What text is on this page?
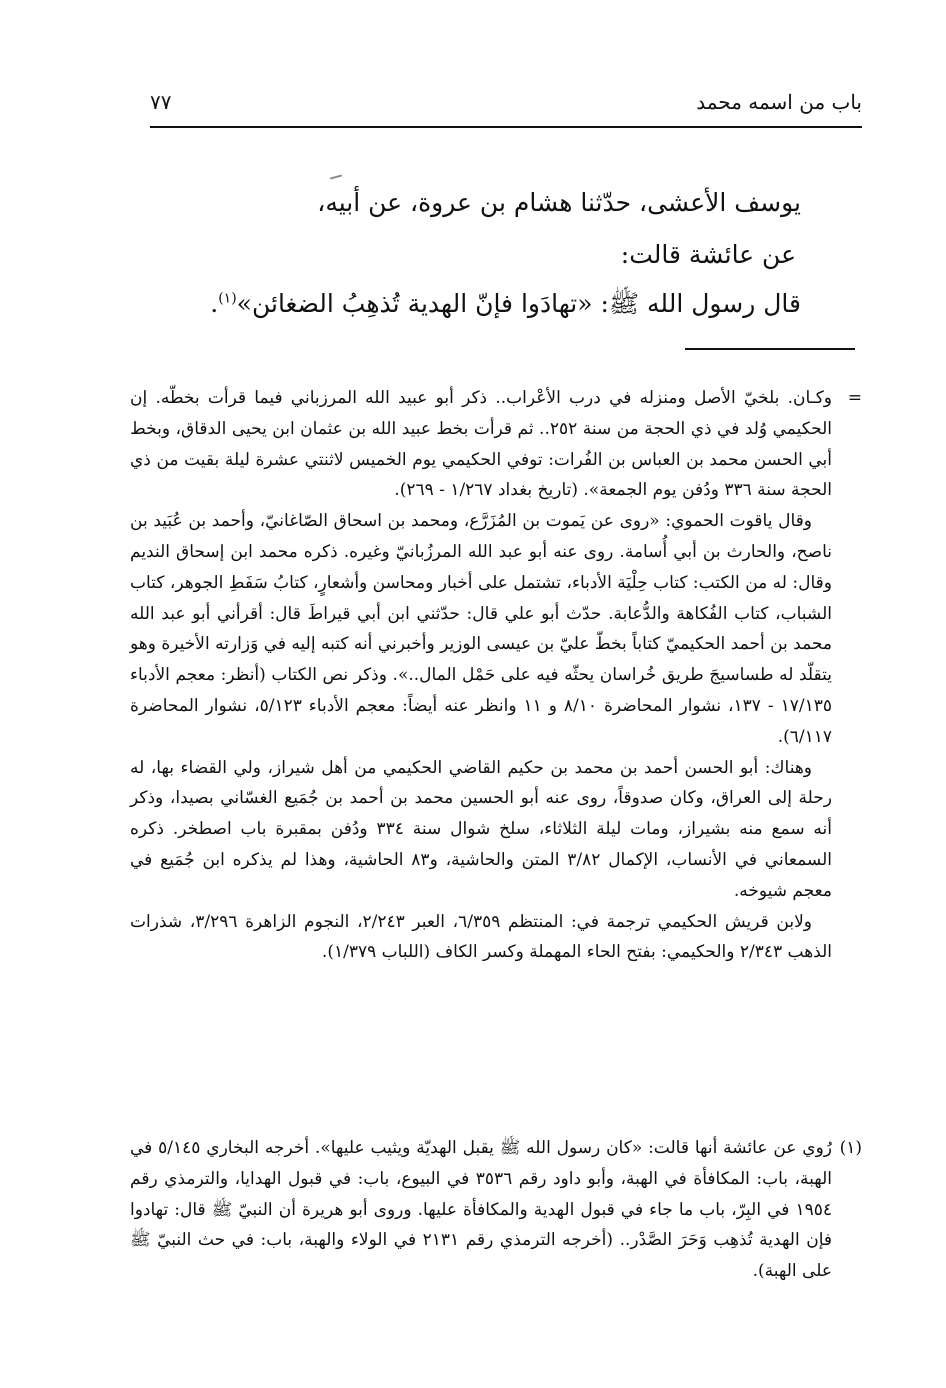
باب من اسمه محمد
٧٧
يوسف الأعشى، حدّثنا هشام بن عروة، عن أبيه،
عن عائشة قالت:
قال رسول الله ﷺ: «تهادَوا فإنّ الهدية تُذهِبُ الضغائن»$^{(١)}$.

=
وكـان. بلخيّ الأصل ومنزله في درب الأعْراب.. ذكر أبو عبيد الله المرزباني فيما قرأت بخطّه. إن الحكيمي وُلد في ذي الحجة من سنة ٢٥٢.. ثم قرأت بخط عبيد الله بن عثمان ابن يحيى الدقاق، وبخط أبي الحسن محمد بن العباس بن الفُرات: توفي الحكيمي يوم الخميس لاثنتي عشرة ليلة بقيت من ذي الحجة سنة ٣٣٦ ودُفن يوم الجمعة». (تاريخ بغداد ١/٢٦٧ - ٢٦٩).

وقال ياقوت الحموي: «روى عن يَموت بن المُزَرَّع، ومحمد بن اسحاق الصّاغانيّ، وأحمد بن عُبَيد بن ناصح، والحارث بن أبي أُسامة. روى عنه أبو عبد الله المرزُبانيّ وغيره. ذكره محمد ابن إسحاق النديم وقال: له من الكتب: كتاب حِلْيَة الأدباء، تشتمل على أخبار ومحاسن وأشعارٍ، كتابُ سَفَطِ الجوهر، كتاب الشباب، كتاب الفُكاهة والدُّعابة. حدّث أبو علي قال: حدّثني ابن أبي قيراطَ قال: أقرأني أبو عبد الله محمد بن أحمد الحكيميّ كتاباً بخطّ عليّ بن عيسى الوزير وأخبرني أنه كتبه إليه في وَزارته الأخيرة وهو يتقلّد له طساسيجَ طريق خُراسان يحثّه فيه على حَمْل المال..». وذكر نص الكتاب (أنظر: معجم الأدباء ١٧/١٣٥ - ١٣٧، نشوار المحاضرة ٨/١٠ و ١١ وانظر عنه أيضاً: معجم الأدباء ٥/١٢٣، نشوار المحاضرة ٦/١١٧).

وهناك: أبو الحسن أحمد بن محمد بن حكيم القاضي الحكيمي من أهل شيراز، ولي القضاء بها، له رحلة إلى العراق، وكان صدوقاً، روى عنه أبو الحسين محمد بن أحمد بن جُمَيع الغسّاني بصيدا، وذكر أنه سمع منه بشيراز، ومات ليلة الثلاثاء، سلخ شوال سنة ٣٣٤ ودُفن بمقبرة باب اصطخر. ذكره السمعاني في الأنساب، الإكمال ٣/٨٢ المتن والحاشية، و٨٣ الحاشية، وهذا لم يذكره ابن جُمَيع في معجم شيوخه.

ولابن قريش الحكيمي ترجمة في: المنتظم ٦/٣٥٩، العبر ٢/٢٤٣، النجوم الزاهرة ٣/٢٩٦، شذرات الذهب ٢/٣٤٣ والحكيمي: بفتح الحاء المهملة وكسر الكاف (اللباب ١/٣٧٩).

(١)
رُوي عن عائشة أنها قالت: «كان رسول الله ﷺ يقبل الهديّة ويثيب عليها». أخرجه البخاري ٥/١٤٥ في الهبة، باب: المكافأة في الهبة، وأبو داود رقم ٣٥٣٦ في البيوع، باب: في قبول الهدايا، والترمذي رقم ١٩٥٤ في البِرّ، باب ما جاء في قبول الهدية والمكافأة عليها. وروى أبو هريرة أن النبيّ ﷺ قال: تهادوا فإن الهدية تُذهِب وَحَرَ الصَّدْر.. (أخرجه الترمذي رقم ٢١٣١ في الولاء والهبة، باب: في حث النبيّ ﷺ على الهبة).
